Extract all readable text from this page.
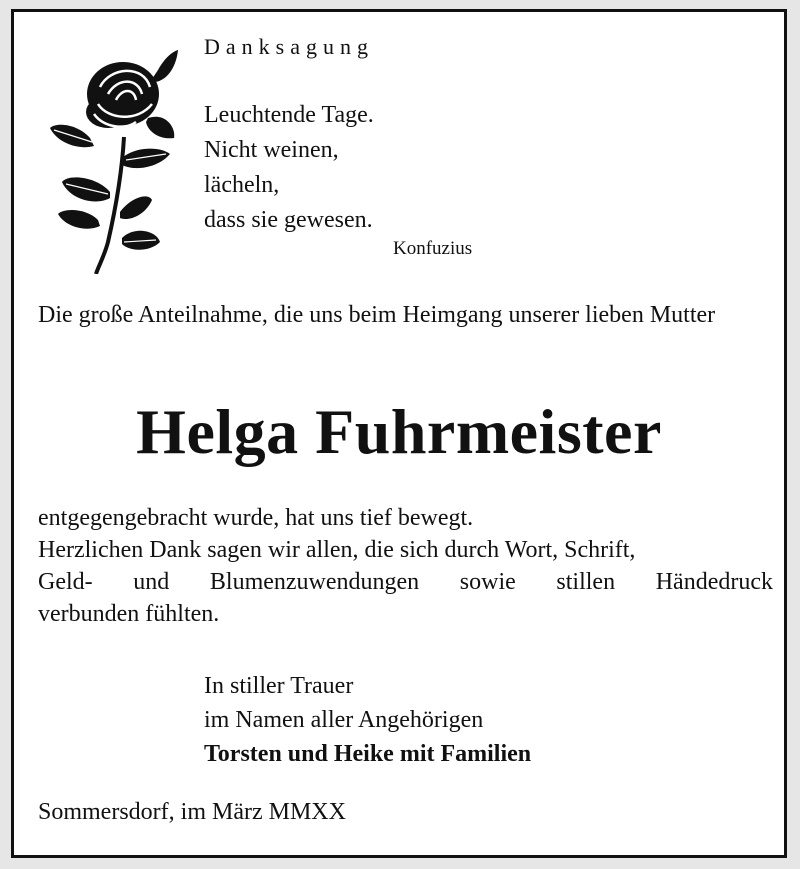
Danksagung
Leuchtende Tage.
Nicht weinen,
lächeln,
dass sie gewesen.
Konfuzius
Die große Anteilnahme, die uns beim Heimgang unserer lieben Mutter
Helga Fuhrmeister
entgegengebracht wurde, hat uns tief bewegt.
Herzlichen Dank sagen wir allen, die sich durch Wort, Schrift,
Geld- und Blumenzuwendungen sowie stillen Händedruck
verbunden fühlten.
In stiller Trauer
im Namen aller Angehörigen
Torsten und Heike mit Familien
Sommersdorf, im März MMXX
